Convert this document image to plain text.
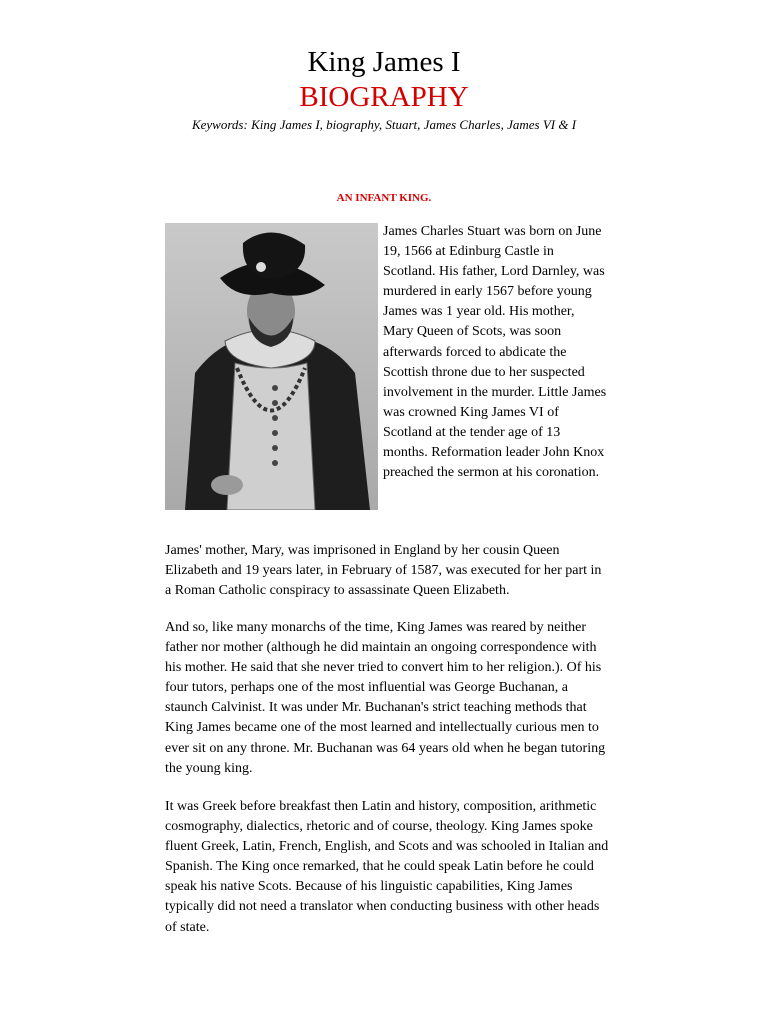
King James I
BIOGRAPHY
Keywords: King James I, biography, Stuart, James Charles, James VI & I
AN INFANT KING.

James Charles Stuart was born on June 19, 1566 at Edinburg Castle in Scotland. His father, Lord Darnley, was murdered in early 1567 before young James was 1 year old. His mother, Mary Queen of Scots, was soon afterwards forced to abdicate the Scottish throne due to her suspected involvement in the murder. Little James was crowned King James VI of Scotland at the tender age of 13 months. Reformation leader John Knox preached the sermon at his coronation.

James' mother, Mary, was imprisoned in England by her cousin Queen Elizabeth and 19 years later, in February of 1587, was executed for her part in a Roman Catholic conspiracy to assassinate Queen Elizabeth.

And so, like many monarchs of the time, King James was reared by neither father nor mother (although he did maintain an ongoing correspondence with his mother. He said that she never tried to convert him to her religion.). Of his four tutors, perhaps one of the most influential was George Buchanan, a staunch Calvinist. It was under Mr. Buchanan's strict teaching methods that King James became one of the most learned and intellectually curious men to ever sit on any throne. Mr. Buchanan was 64 years old when he began tutoring the young king.

It was Greek before breakfast then Latin and history, composition, arithmetic cosmography, dialectics, rhetoric and of course, theology. King James spoke fluent Greek, Latin, French, English, and Scots and was schooled in Italian and Spanish. The King once remarked, that he could speak Latin before he could speak his native Scots. Because of his linguistic capabilities, King James typically did not need a translator when conducting business with other heads of state.
